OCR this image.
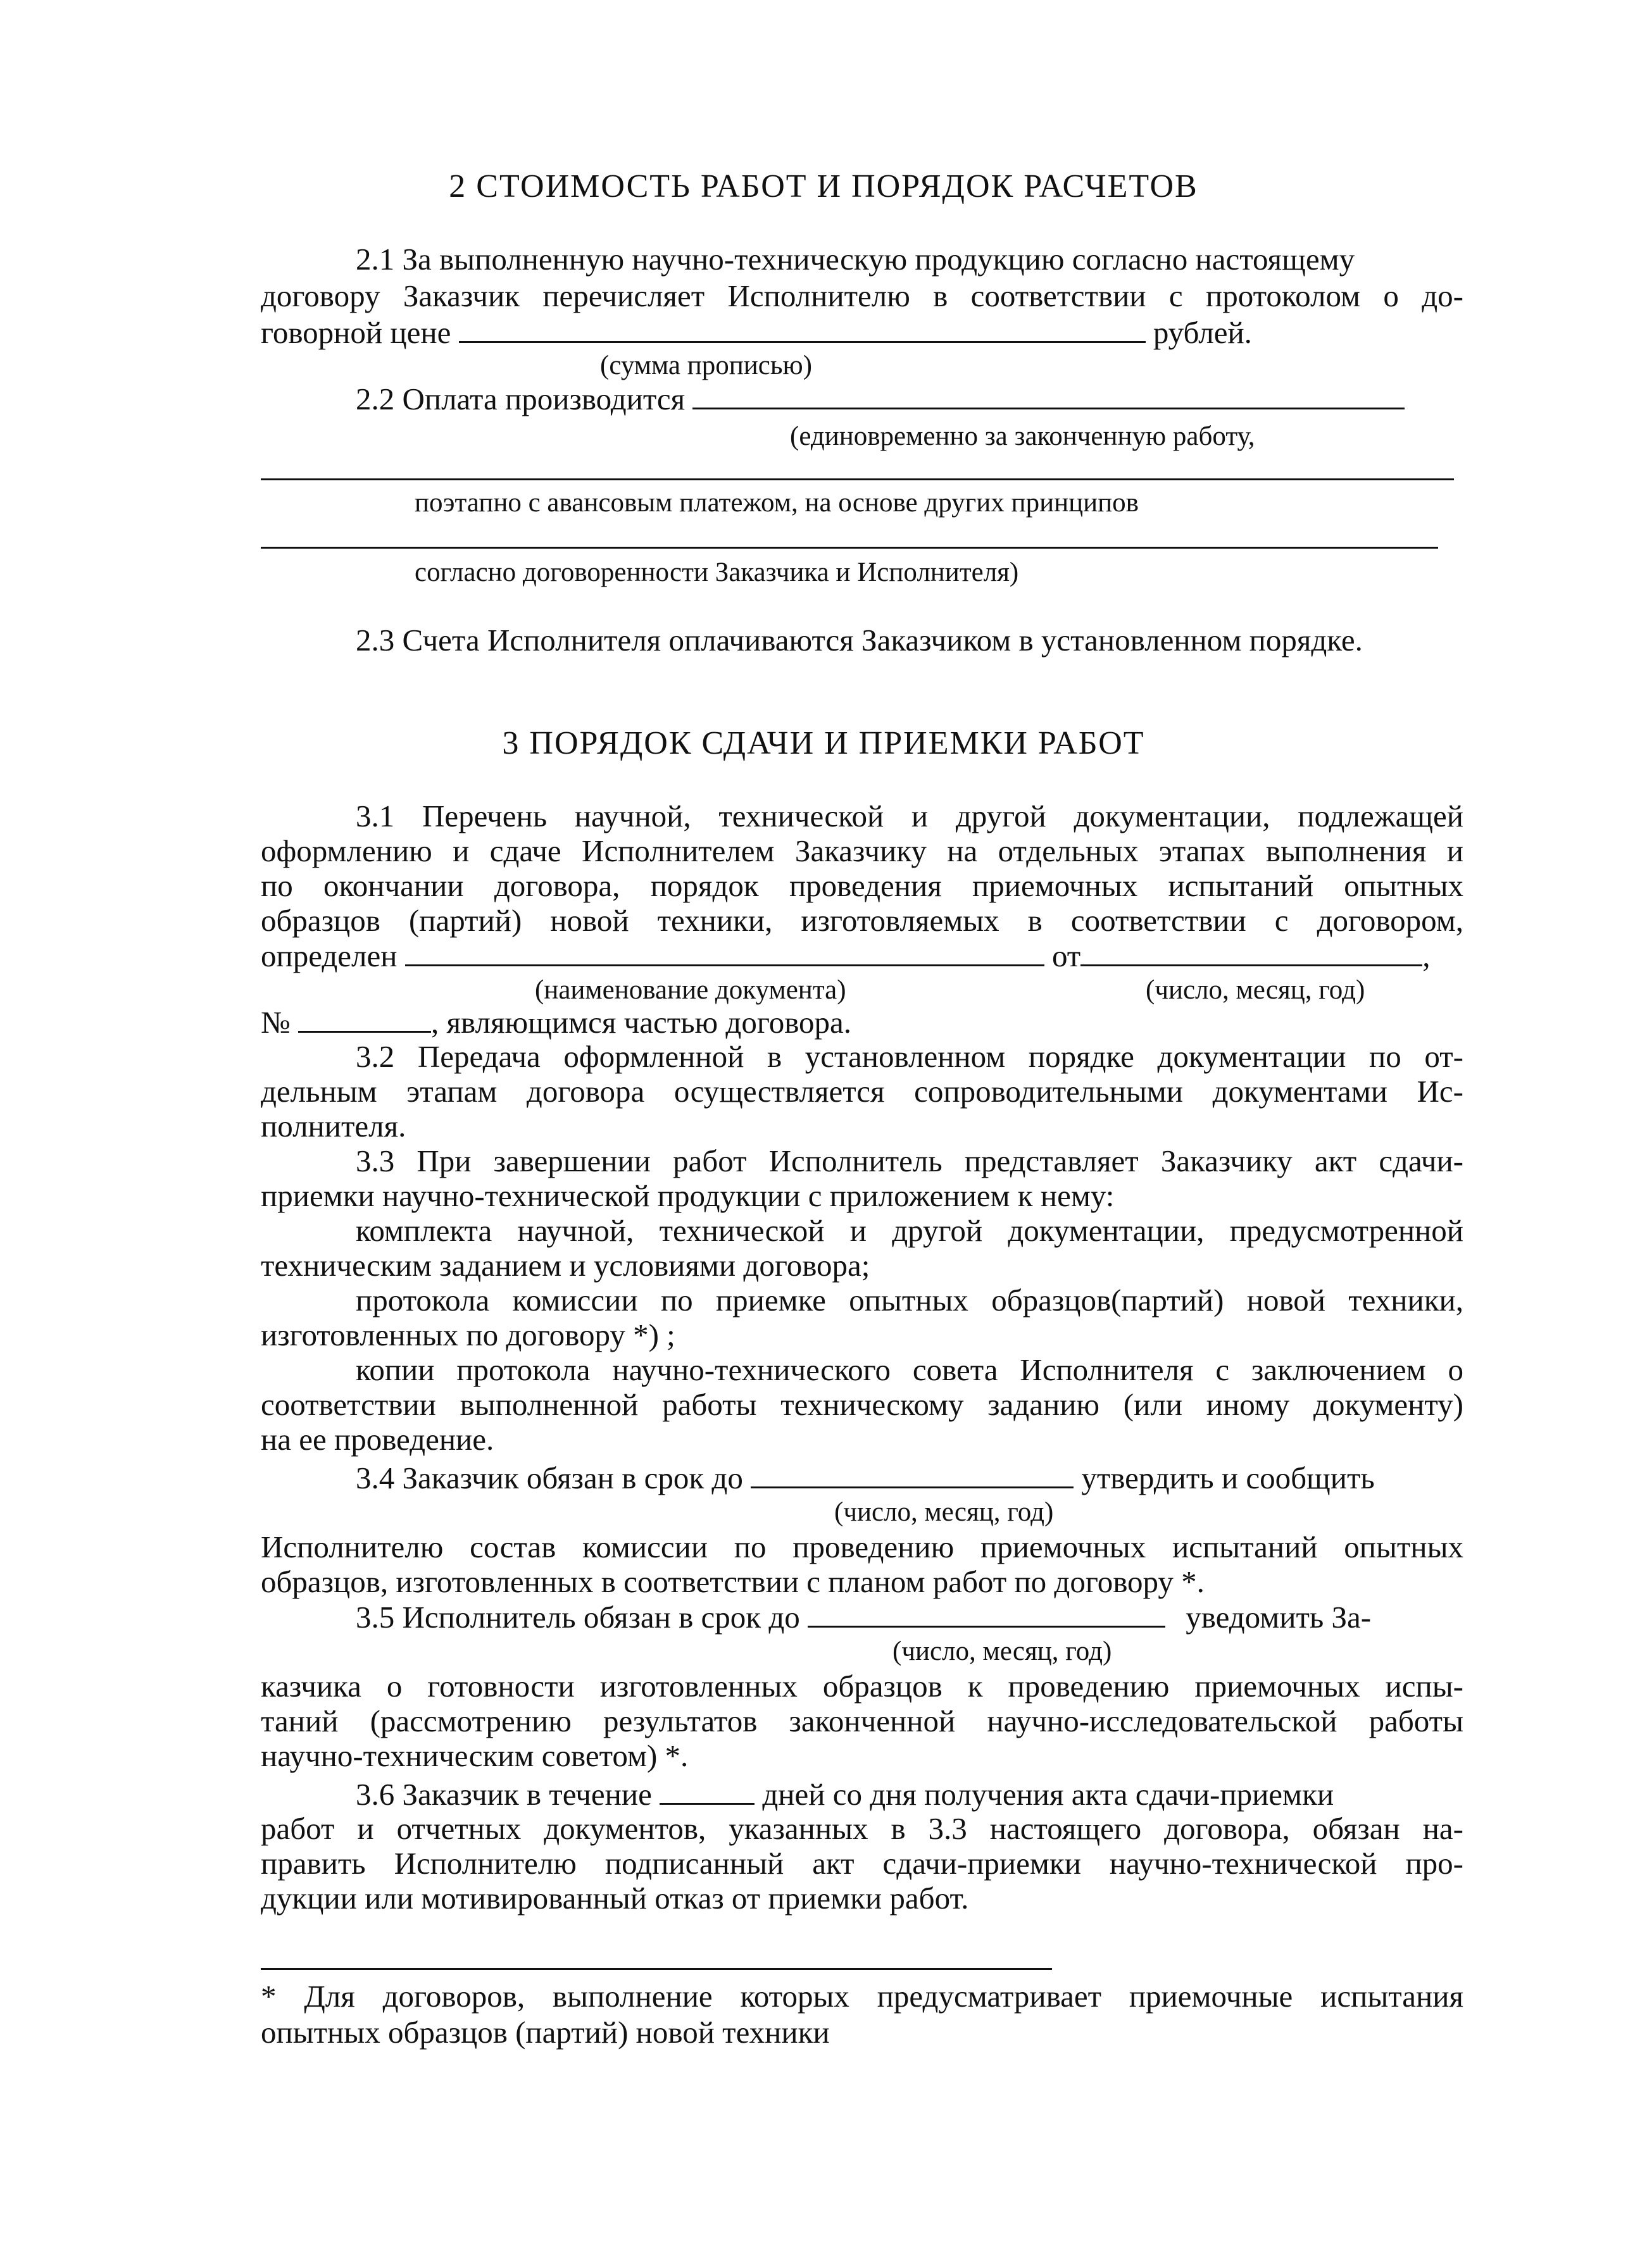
2 СТОИМОСТЬ РАБОТ И ПОРЯДОК РАСЧЕТОВ
2.1 За выполненную научно-техническую продукцию согласно настоящему
договору Заказчик перечисляет Исполнителю в соответствии с протоколом о до-
говорной цене	рублей.
(сумма прописью)
2.2 Оплата производится
(единовременно за законченную работу,
поэтапно с авансовым платежом, на основе других принципов
согласно договоренности Заказчика и Исполнителя)
2.3 Счета Исполнителя оплачиваются Заказчиком в установленном порядке.
3 ПОРЯДОК СДАЧИ И ПРИЕМКИ РАБОТ
3.1 Перечень научной, технической и другой документации, подлежащей
оформлению и сдаче Исполнителем Заказчику на отдельных этапах выполнения и
по окончании договора, порядок проведения приемочных испытаний опытных
образцов (партий) новой техники, изготовляемых в соответствии с договором,
определен	от	,
(наименование документа)	(число, месяц, год)
№	, являющимся частью договора.
3.2 Передача оформленной в установленном порядке документации по от-
дельным этапам договора осуществляется сопроводительными документами Ис-
полнителя.
3.3 При завершении работ Исполнитель представляет Заказчику акт сдачи-
приемки научно-технической продукции с приложением к нему:
комплекта научной, технической и другой документации, предусмотренной
техническим заданием и условиями договора;
протокола комиссии по приемке опытных образцов(партий) новой техники,
изготовленных по договору *) ;
копии протокола научно-технического совета Исполнителя с заключением о
соответствии выполненной работы техническому заданию (или иному документу)
на ее проведение.
3.4 Заказчик обязан в срок до	утвердить и сообщить
(число, месяц, год)
Исполнителю состав комиссии по проведению приемочных испытаний опытных
образцов, изготовленных в соответствии с планом работ по договору *.
3.5 Исполнитель обязан в срок до	уведомить За-
(число, месяц, год)
казчика о готовности изготовленных образцов к проведению приемочных испы-
таний (рассмотрению результатов законченной научно-исследовательской работы
научно-техническим советом) *.
3.6 Заказчик в течение	дней со дня получения акта сдачи-приемки
работ и отчетных документов, указанных в 3.3 настоящего договора, обязан на-
править Исполнителю подписанный акт сдачи-приемки научно-технической про-
дукции или мотивированный отказ от приемки работ.
* Для договоров, выполнение которых предусматривает приемочные испытания
опытных образцов (партий) новой техники
